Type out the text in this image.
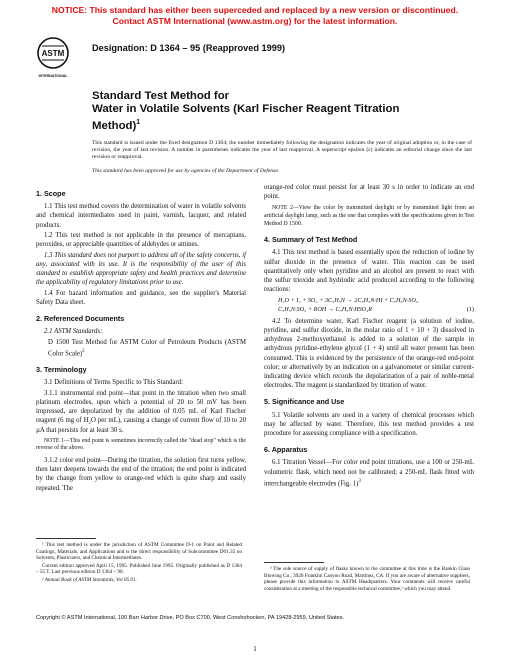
NOTICE: This standard has either been superceded and replaced by a new version or discontinued.
Contact ASTM International (www.astm.org) for the latest information.
ASTM
INTERNATIONAL
Designation: D 1364 – 95 (Reapproved 1999)
Standard Test Method for
Water in Volatile Solvents (Karl Fischer Reagent Titration
Method)$^1$
This standard is issued under the fixed designation D 1364; the number immediately following the designation indicates the year of original adoption or, in the case of revision, the year of last revision. A number in parentheses indicates the year of last reapproval. A superscript epsilon (ε) indicates an editorial change since the last revision or reapproval.
This standard has been approved for use by agencies of the Department of Defense.
1. Scope

1.1 This test method covers the determination of water in volatile solvents and chemical intermediates used in paint, varnish, lacquer, and related products.

1.2 This test method is not applicable in the presence of mercaptans, peroxides, or appreciable quantities of aldehydes or amines.

1.3 This standard does not purport to address all of the safety concerns, if any, associated with its use. It is the responsibility of the user of this standard to establish appropriate safety and health practices and determine the applicability of regulatory limitations prior to use.

1.4 For hazard information and guidance, see the supplier's Material Safety Data sheet.

2. Referenced Documents

2.1 ASTM Standards:

D 1500 Test Method for ASTM Color of Petroleum Products (ASTM Color Scale)$^2$

3. Terminology

3.1 Definitions of Terms Specific to This Standard:

3.1.1 instrumental end point—that point in the titration when two small platinum electrodes, upon which a potential of 20 to 50 mV has been impressed, are depolarized by the addition of 0.05 mL of Karl Fischer reagent (6 mg of H₂O per mL), causing a change of current flow of 10 to 20 µA that persists for at least 30 s.

NOTE 1—This end point is sometimes incorrectly called the "dead stop" which is the reverse of the above.

3.1.2 color end point—During the titration, the solution first turns yellow, then later deepens towards the end of the titration; the end point is indicated by the change from yellow to orange-red which is quite sharp and easily repeated. The

orange-red color must persist for at least 30 s in order to indicate an end point.

NOTE 2—View the color by transmitted daylight or by transmitted light from an artificial daylight lamp, such as the one that complies with the specifications given in Test Method D 1500.

4. Summary of Test Method

4.1 This test method is based essentially upon the reduction of iodine by sulfur dioxide in the presence of water. This reaction can be used quantitatively only when pyridine and an alcohol are present to react with the sulfur trioxide and hydriodic acid produced according to the following reactions:

H₂O + I₂ + SO₂ + 3C₅H₅N → 2C₅H₅N·HI + C₅H₅N·SO₃
C₅H₅N·SO₃ + ROH → C₅H₅N·HSO₄R	(1)

4.2 To determine water, Karl Fischer reagent (a solution of iodine, pyridine, and sulfur dioxide, in the molar ratio of 1 + 10 + 3) dissolved in anhydrous 2-methoxyethanol is added to a solution of the sample in anhydrous pyridine-ethylene glycol (1 + 4) until all water present has been consumed. This is evidenced by the persistence of the orange-red end-point color; or alternatively by an indication on a galvanometer or similar current-indicating device which records the depolarization of a pair of noble-metal electrodes. The reagent is standardized by titration of water.

5. Significance and Use

5.1 Volatile solvents are used in a variety of chemical processes which may be affected by water. Therefore, this test method provides a test procedure for assessing compliance with a specification.

6. Apparatus

6.1 Titration Vessel—For color end point titrations, use a 100 or 250-mL volumetric flask, which need not be calibrated; a 250-mL flask fitted with interchangeable electrodes (Fig. 1)$^3$

¹ This test method is under the jurisdiction of ASTM Committee D-1 on Paint and Related Coatings, Materials, and Applications and is the direct responsibility of Subcommittee D01.35 on Solvents, Plasticizers, and Chemical Intermediates.

Current edition approved April 15, 1995. Published June 1995. Originally published as D 1364 – 55 T. Last previous edition D 1364 – 90.

² Annual Book of ASTM Standards, Vol 05.01.

³ The sole source of supply of flasks known to the committee at this time is the Rankin Glass Blowing Co., 3920 Franklin Canyon Road, Martinez, CA. If you are aware of alternative suppliers, please provide this information to ASTM Headquarters. Your comments will receive careful consideration at a meeting of the responsible technical committee,¹ which you may attend.

Copyright © ASTM International, 100 Barr Harbor Drive, PO Box C700, West Conshohocken, PA 19428-2959, United States.
1
